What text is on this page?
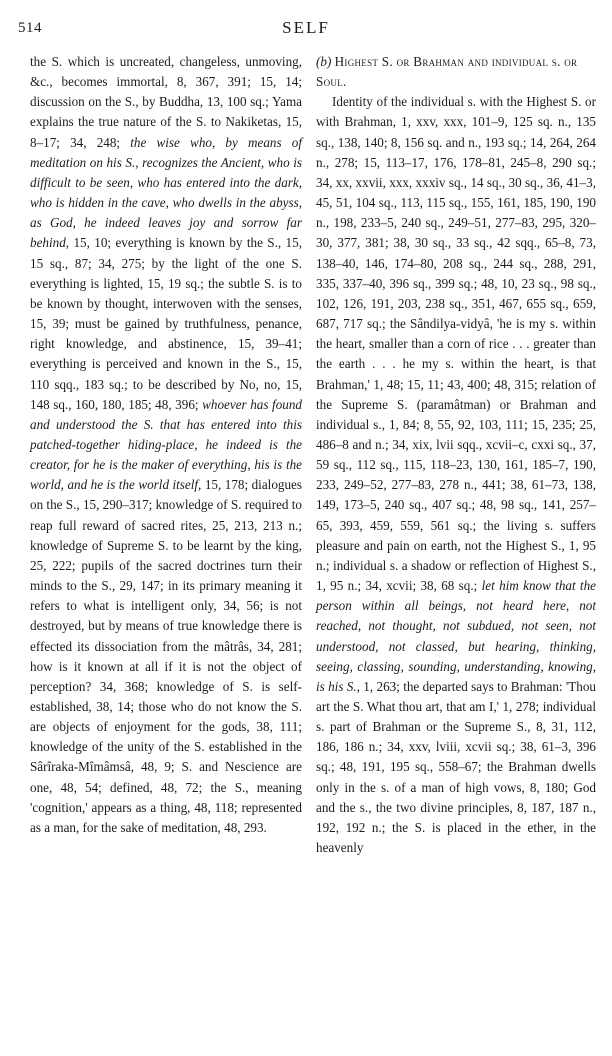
514	SELF

the S. which is uncreated, changeless, unmoving, &c., becomes immortal, 8, 367, 391; 15, 14; discussion on the S., by Buddha, 13, 100 sq.; Yama explains the true nature of the S. to Nakiketas, 15, 8–17; 34, 248; the wise who, by means of meditation on his S., recognizes the Ancient, who is difficult to be seen, who has entered into the dark, who is hidden in the cave, who dwells in the abyss, as God, he indeed leaves joy and sorrow far behind, 15, 10; everything is known by the S., 15, 15 sq., 87; 34, 275; by the light of the one S. everything is lighted, 15, 19 sq.; the subtle S. is to be known by thought, interwoven with the senses, 15, 39; must be gained by truthfulness, penance, right knowledge, and abstinence, 15, 39–41; everything is perceived and known in the S., 15, 110 sqq., 183 sq.; to be described by No, no, 15, 148 sq., 160, 180, 185; 48, 396; whoever has found and understood the S. that has entered into this patched-together hiding-place, he indeed is the creator, for he is the maker of everything, his is the world, and he is the world itself, 15, 178; dialogues on the S., 15, 290–317; knowledge of S. required to reap full reward of sacred rites, 25, 213, 213 n.; knowledge of Supreme S. to be learnt by the king, 25, 222; pupils of the sacred doctrines turn their minds to the S., 29, 147; in its primary meaning it refers to what is intelligent only, 34, 56; is not destroyed, but by means of true knowledge there is effected its dissociation from the mâtrâs, 34, 281; how is it known at all if it is not the object of perception? 34, 368; knowledge of S. is self-established, 38, 14; those who do not know the S. are objects of enjoyment for the gods, 38, 111; knowledge of the unity of the S. established in the Sârîraka-Mîmâmsâ, 48, 9; S. and Nescience are one, 48, 54; defined, 48, 72; the S., meaning 'cognition,' appears as a thing, 48, 118; represented as a man, for the sake of meditation, 48, 293.

(b) Highest S. or Brahman and individual s. or Soul.

Identity of the individual s. with the Highest S. or with Brahman, 1, xxv, xxx, 101–9, 125 sq. n., 135 sq., 138, 140; 8, 156 sq. and n., 193 sq.; 14, 264, 264 n., 278; 15, 113–17, 176, 178–81, 245–8, 290 sq.; 34, xx, xxvii, xxx, xxxiv sq., 14 sq., 30 sq., 36, 41–3, 45, 51, 104 sq., 113, 115 sq., 155, 161, 185, 190, 190 n., 198, 233–5, 240 sq., 249–51, 277–83, 295, 320–30, 377, 381; 38, 30 sq., 33 sq., 42 sqq., 65–8, 73, 138–40, 146, 174–80, 208 sq., 244 sq., 288, 291, 335, 337–40, 396 sq., 399 sq.; 48, 10, 23 sq., 98 sq., 102, 126, 191, 203, 238 sq., 351, 467, 655 sq., 659, 687, 717 sq.; the Sândilya-vidyâ, 'he is my s. within the heart, smaller than a corn of rice . . . greater than the earth . . . he my s. within the heart, is that Brahman,' 1, 48; 15, 11; 43, 400; 48, 315; relation of the Supreme S. (paramâtman) or Brahman and individual s., 1, 84; 8, 55, 92, 103, 111; 15, 235; 25, 486–8 and n.; 34, xix, lvii sqq., xcvii–c, cxxi sq., 37, 59 sq., 112 sq., 115, 118–23, 130, 161, 185–7, 190, 233, 249–52, 277–83, 278 n., 441; 38, 61–73, 138, 149, 173–5, 240 sq., 407 sq.; 48, 98 sq., 141, 257–65, 393, 459, 559, 561 sq.; the living s. suffers pleasure and pain on earth, not the Highest S., 1, 95 n.; individual s. a shadow or reflection of Highest S., 1, 95 n.; 34, xcvii; 38, 68 sq.; let him know that the person within all beings, not heard here, not reached, not thought, not subdued, not seen, not understood, not classed, but hearing, thinking, seeing, classing, sounding, understanding, knowing, is his S., 1, 263; the departed says to Brahman: 'Thou art the S. What thou art, that am I,' 1, 278; individual s. part of Brahman or the Supreme S., 8, 31, 112, 186, 186 n.; 34, xxv, lviii, xcvii sq.; 38, 61–3, 396 sq.; 48, 191, 195 sq., 558–67; the Brahman dwells only in the s. of a man of high vows, 8, 180; God and the s., the two divine principles, 8, 187, 187 n., 192, 192 n.; the S. is placed in the ether, in the heavenly
